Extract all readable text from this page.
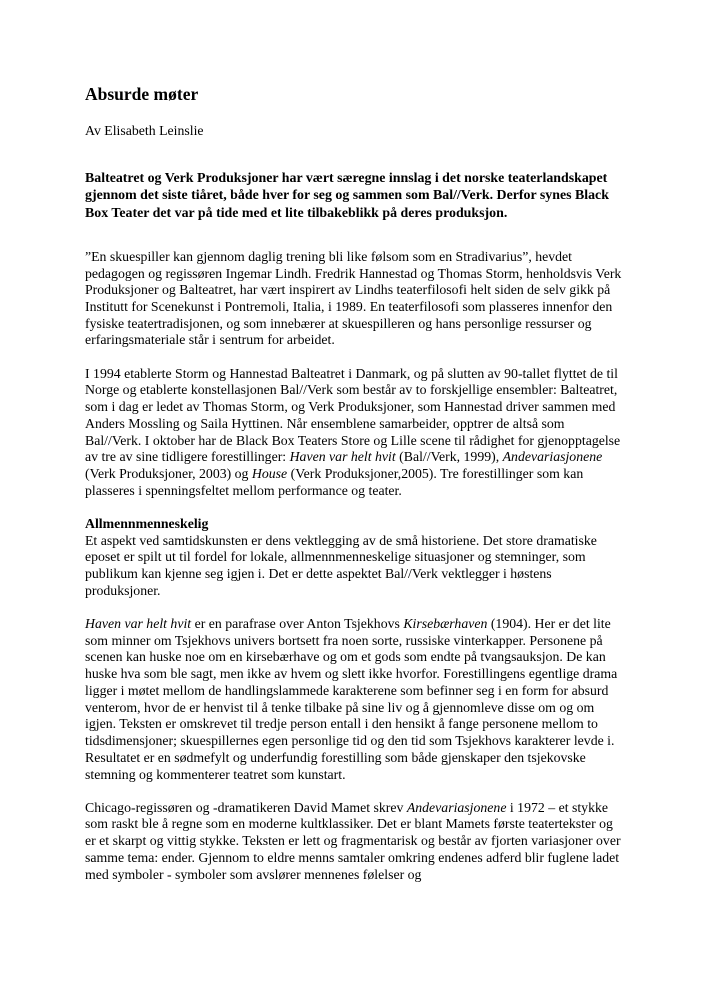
Absurde møter

Av Elisabeth Leinslie

Balteatret og Verk Produksjoner har vært særegne innslag i det norske teaterlandskapet gjennom det siste tiåret, både hver for seg og sammen som Bal//Verk. Derfor synes Black Box Teater det var på tide med et lite tilbakeblikk på deres produksjon.

”En skuespiller kan gjennom daglig trening bli like følsom som en Stradivarius”, hevdet pedagogen og regissøren Ingemar Lindh. Fredrik Hannestad og Thomas Storm, henholdsvis Verk Produksjoner og Balteatret, har vært inspirert av Lindhs teaterfilosofi helt siden de selv gikk på Institutt for Scenekunst i Pontremoli, Italia, i 1989. En teaterfilosofi som plasseres innenfor den fysiske teatertradisjonen, og som innebærer at skuespilleren og hans personlige ressurser og erfaringsmateriale står i sentrum for arbeidet.

I 1994 etablerte Storm og Hannestad Balteatret i Danmark, og på slutten av 90-tallet flyttet de til Norge og etablerte konstellasjonen Bal//Verk som består av to forskjellige ensembler: Balteatret, som i dag er ledet av Thomas Storm, og Verk Produksjoner, som Hannestad driver sammen med Anders Mossling og Saila Hyttinen. Når ensemblene samarbeider, opptrer de altså som Bal//Verk. I oktober har de Black Box Teaters Store og Lille scene til rådighet for gjenopptagelse av tre av sine tidligere forestillinger: Haven var helt hvit (Bal//Verk, 1999), Andevariasjonene (Verk Produksjoner, 2003) og House (Verk Produksjoner,2005). Tre forestillinger som kan plasseres i spenningsfeltet mellom performance og teater.

Allmennmenneskelig
Et aspekt ved samtidskunsten er dens vektlegging av de små historiene. Det store dramatiske eposet er spilt ut til fordel for lokale, allmennmenneskelige situasjoner og stemninger, som publikum kan kjenne seg igjen i. Det er dette aspektet Bal//Verk vektlegger i høstens produksjoner.

Haven var helt hvit er en parafrase over Anton Tsjekhovs Kirsebærhaven (1904). Her er det lite som minner om Tsjekhovs univers bortsett fra noen sorte, russiske vinterkapper. Personene på scenen kan huske noe om en kirsebærhave og om et gods som endte på tvangsauksjon. De kan huske hva som ble sagt, men ikke av hvem og slett ikke hvorfor. Forestillingens egentlige drama ligger i møtet mellom de handlingslammede karakterene som befinner seg i en form for absurd venterom, hvor de er henvist til å tenke tilbake på sine liv og å gjennomleve disse om og om igjen. Teksten er omskrevet til tredje person entall i den hensikt å fange personene mellom to tidsdimensjoner; skuespillernes egen personlige tid og den tid som Tsjekhovs karakterer levde i. Resultatet er en sødmefylt og underfundig forestilling som både gjenskaper den tsjekovske stemning og kommenterer teatret som kunstart.

Chicago-regissøren og -dramatikeren David Mamet skrev Andevariasjonene i 1972 – et stykke som raskt ble å regne som en moderne kultklassiker. Det er blant Mamets første teatertekster og er et skarpt og vittig stykke. Teksten er lett og fragmentarisk og består av fjorten variasjoner over samme tema: ender. Gjennom to eldre menns samtaler omkring endenes adferd blir fuglene ladet med symboler - symboler som avslører mennenes følelser og
